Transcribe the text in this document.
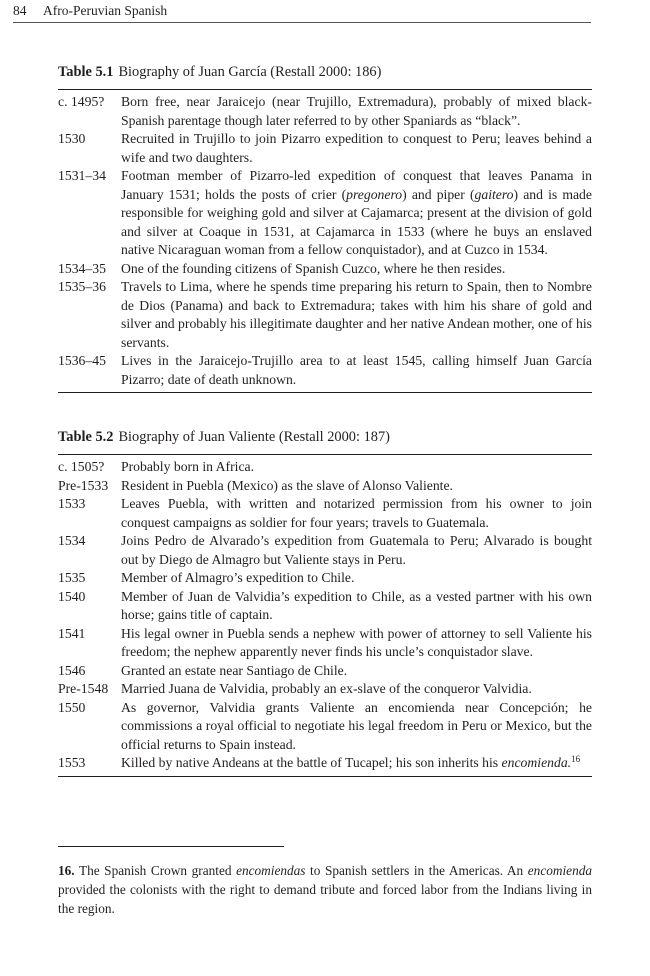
84 Afro-Peruvian Spanish
Table 5.1 Biography of Juan García (Restall 2000: 186)
c. 1495?	Born free, near Jaraicejo (near Trujillo, Extremadura), probably of mixed black-Spanish parentage though later referred to by other Spaniards as “black”.
1530	Recruited in Trujillo to join Pizarro expedition to conquest to Peru; leaves behind a wife and two daughters.
1531–34	Footman member of Pizarro-led expedition of conquest that leaves Panama in January 1531; holds the posts of crier (pregonero) and piper (gaitero) and is made responsible for weighing gold and silver at Cajamarca; present at the division of gold and silver at Coaque in 1531, at Cajamarca in 1533 (where he buys an enslaved native Nicaraguan woman from a fellow conquistador), and at Cuzco in 1534.
1534–35	One of the founding citizens of Spanish Cuzco, where he then resides.
1535–36	Travels to Lima, where he spends time preparing his return to Spain, then to Nombre de Dios (Panama) and back to Extremadura; takes with him his share of gold and silver and probably his illegitimate daughter and her native Andean mother, one of his servants.
1536–45	Lives in the Jaraicejo-Trujillo area to at least 1545, calling himself Juan García Pizarro; date of death unknown.
Table 5.2 Biography of Juan Valiente (Restall 2000: 187)
c. 1505?	Probably born in Africa.
Pre-1533 Resident in Puebla (Mexico) as the slave of Alonso Valiente.
1533	Leaves Puebla, with written and notarized permission from his owner to join conquest campaigns as soldier for four years; travels to Guatemala.
1534	Joins Pedro de Alvarado’s expedition from Guatemala to Peru; Alvarado is bought out by Diego de Almagro but Valiente stays in Peru.
1535	Member of Almagro’s expedition to Chile.
1540	Member of Juan de Valvidia’s expedition to Chile, as a vested partner with his own horse; gains title of captain.
1541	His legal owner in Puebla sends a nephew with power of attorney to sell Valiente his freedom; the nephew apparently never finds his uncle’s conquistador slave.
1546	Granted an estate near Santiago de Chile.
Pre-1548 Married Juana de Valvidia, probably an ex-slave of the conqueror Valvidia.
1550	As governor, Valvidia grants Valiente an encomienda near Concepción; he commissions a royal official to negotiate his legal freedom in Peru or Mexico, but the official returns to Spain instead.
1553	Killed by native Andeans at the battle of Tucapel; his son inherits his encomienda.$^{16}$
16. The Spanish Crown granted encomiendas to Spanish settlers in the Americas. An encomienda provided the colonists with the right to demand tribute and forced labor from the Indians living in the region.
